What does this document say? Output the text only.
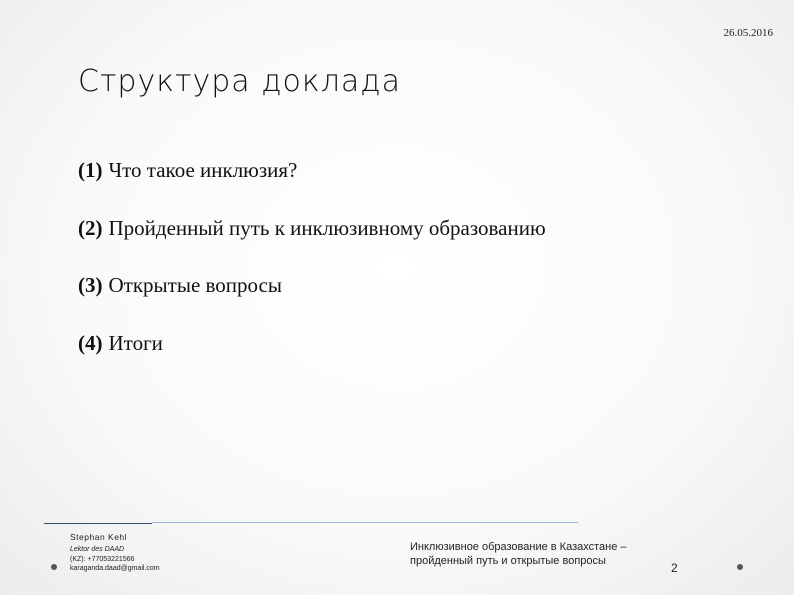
26.05.2016
Структура доклада
(1) Что такое инклюзия?
(2) Пройденный путь к инклюзивному образованию
(3) Открытые вопросы
(4) Итоги
Stephan Kehl
Lektor des DAAD
(KZ): +77053221566
karaganda.daad@gmail.com
Инклюзивное образование в Казахстане –
пройденный путь и открытые вопросы	2
